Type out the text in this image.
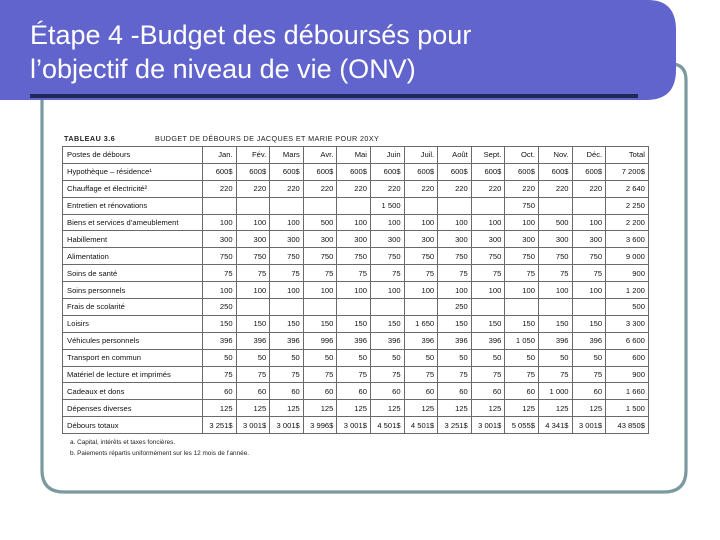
Étape 4 -Budget des déboursés pour
l’objectif de niveau de vie (ONV)
TABLEAU 3.6	BUDGET DE DÉBOURS DE JACQUES ET MARIE POUR 20XY
Postes de débours	Jan.	Fév.	Mars	Avr.	Mai	Juin	Juil.	Août	Sept.	Oct.	Nov.	Déc.	Total
Hypothèque – résidence¹	600$	600$	600$	600$	600$	600$	600$	600$	600$	600$	600$	600$	7 200$
Chauffage et électricité²	220	220	220	220	220	220	220	220	220	220	220	220	2 640
Entretien et rénovations						1 500				750			2 250
Biens et services d’ameublement	100	100	100	500	100	100	100	100	100	100	500	100	2 200
Habillement	300	300	300	300	300	300	300	300	300	300	300	300	3 600
Alimentation	750	750	750	750	750	750	750	750	750	750	750	750	9 000
Soins de santé	75	75	75	75	75	75	75	75	75	75	75	75	900
Soins personnels	100	100	100	100	100	100	100	100	100	100	100	100	1 200
Frais de scolarité	250							250					500
Loisirs	150	150	150	150	150	150	1 650	150	150	150	150	150	3 300
Véhicules personnels	396	396	396	996	396	396	396	396	396	1 050	396	396	6 600
Transport en commun	50	50	50	50	50	50	50	50	50	50	50	50	600
Matériel de lecture et imprimés	75	75	75	75	75	75	75	75	75	75	75	75	900
Cadeaux et dons	60	60	60	60	60	60	60	60	60	60	1 000	60	1 660
Dépenses diverses	125	125	125	125	125	125	125	125	125	125	125	125	1 500
Débours totaux	3 251$	3 001$	3 001$	3 996$	3 001$	4 501$	4 501$	3 251$	3 001$	5 055$	4 341$	3 001$	43 850$
a. Capital, intérêts et taxes foncières.
b. Paiements répartis uniformément sur les 12 mois de l’année.
